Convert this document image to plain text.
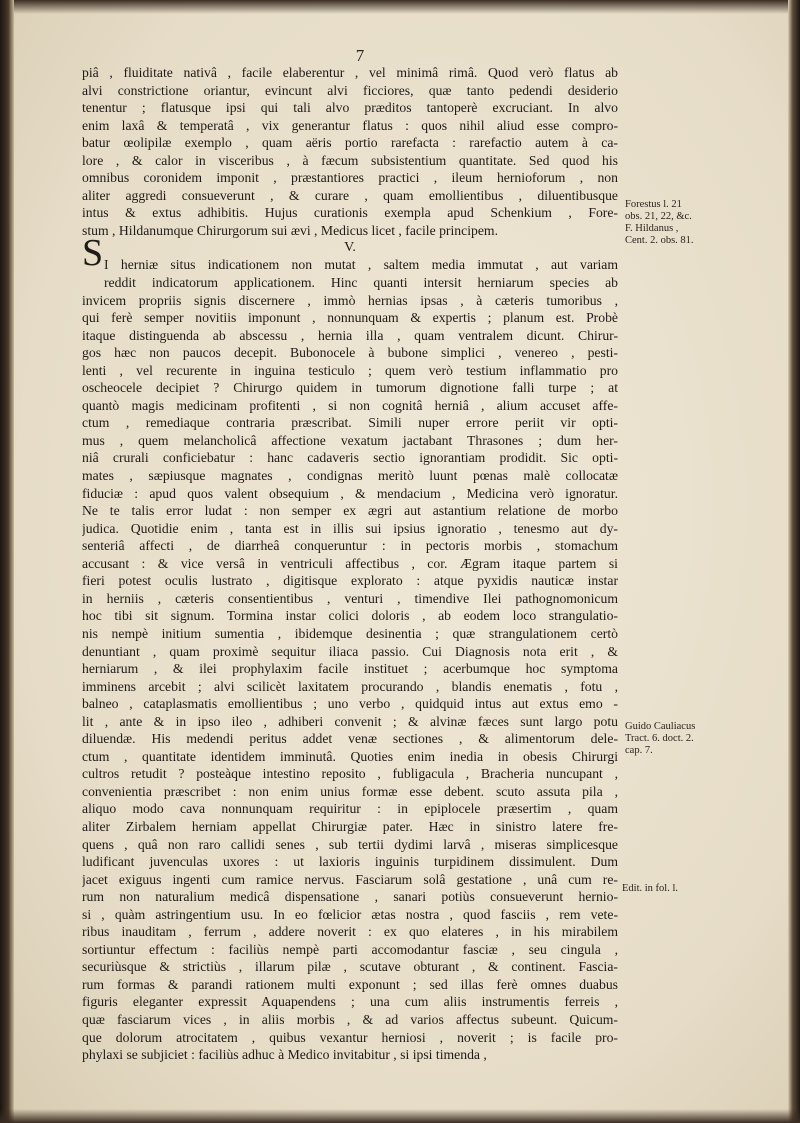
7
piâ , fluiditate nativâ , facile elaberentur , vel minimâ rimâ. Quod verò flatus ab
alvi constrictione oriantur, evincunt alvi ficciores, quæ tanto pedendi desiderio
tenentur ; flatusque ipsi qui tali alvo præditos tantoperè excruciant. In alvo
enim laxâ & temperatâ , vix generantur flatus : quos nihil aliud esse compro-
batur œolipilæ exemplo , quam aëris portio rarefacta : rarefactio autem à ca-
lore , & calor in visceribus , à fæcum subsistentium quantitate. Sed quod his
omnibus coronidem imponit , præstantiores practici , ileum hernioforum , non
aliter aggredi consueverunt , & curare , quam emollientibus , diluentibusque
intus & extus adhibitis. Hujus curationis exempla apud Schenkium , Fore-
stum , Hildanumque Chirurgorum sui ævi , Medicus licet , facile principem.
V.
I herniæ situs indicationem non mutat , saltem media immutat , aut variam
reddit indicatorum applicationem. Hinc quanti intersit herniarum species ab
invicem propriis signis discernere , immò hernias ipsas , à cæteris tumoribus ,
qui ferè semper novitiis imponunt , nonnunquam & expertis ; planum est. Probè
itaque distinguenda ab abscessu , hernia illa , quam ventralem dicunt. Chirur-
gos hæc non paucos decepit. Bubonocele à bubone simplici , venereo , pesti-
lenti , vel recurente in inguina testiculo ; quem verò testium inflammatio pro
oscheocele decipiet ? Chirurgo quidem in tumorum dignotione falli turpe ; at
quantò magis medicinam profitenti , si non cognitâ herniâ , alium accuset affe-
ctum , remediaque contraria præscribat. Simili nuper errore periit vir opti-
mus , quem melancholicâ affectione vexatum jactabant Thrasones ; dum her-
niâ crurali conficiebatur : hanc cadaveris sectio ignorantiam prodidit. Sic opti-
mates , sæpiusque magnates , condignas meritò luunt pœnas malè collocatæ
fiduciæ : apud quos valent obsequium , & mendacium , Medicina verò ignoratur.
Ne te talis error ludat : non semper ex ægri aut astantium relatione de morbo
judica. Quotidie enim , tanta est in illis sui ipsius ignoratio , tenesmo aut dy-
senteriâ affecti , de diarrheâ conqueruntur : in pectoris morbis , stomachum
accusant : & vice versâ in ventriculi affectibus , cor. Ægram itaque partem si
fieri potest oculis lustrato , digitisque explorato : atque pyxidis nauticæ instar
in herniis , cæteris consentientibus , venturi , timendive Ilei pathognomonicum
hoc tibi sit signum. Tormina instar colici doloris , ab eodem loco strangulatio-
nis nempè initium sumentia , ibidemque desinentia ; quæ strangulationem certò
denuntiant , quam proximè sequitur iliaca passio. Cui Diagnosis nota erit , &
herniarum , & ilei prophylaxim facile instituet ; acerbumque hoc symptoma
imminens arcebit ; alvi scilicèt laxitatem procurando , blandis enematis , fotu ,
balneo , cataplasmatis emollientibus ; uno verbo , quidquid intus aut extus emo -
lit , ante & in ipso ileo , adhiberi convenit ; & alvinæ fæces sunt largo potu
diluendæ. His medendi peritus addet venæ sectiones , & alimentorum dele-
ctum , quantitate identidem imminutâ. Quoties enim inedia in obesis Chirurgi
cultros retudit ? posteàque intestino reposito , fubligacula , Bracheria nuncupant ,
convenientia præscribet : non enim unius formæ esse debent. scuto assuta pila ,
aliquo modo cava nonnunquam requiritur : in epiplocele præsertim , quam
aliter Zirbalem herniam appellat Chirurgiæ pater. Hæc in sinistro latere fre-
quens , quâ non raro callidi senes , sub tertii dydimi larvâ , miseras simplicesque
ludificant juvenculas uxores : ut laxioris inguinis turpidinem dissimulent. Dum
jacet exiguus ingenti cum ramice nervus. Fasciarum solâ gestatione , unâ cum re-
rum non naturalium medicâ dispensatione , sanari potiùs consueverunt hernio-
si , quàm astringentium usu. In eo fœlicior ætas nostra , quod fasciis , rem vete-
ribus inauditam , ferrum , addere noverit : ex quo elateres , in his mirabilem
sortiuntur effectum : faciliùs nempè parti accomodantur fasciæ , seu cingula ,
securiùsque & strictiùs , illarum pilæ , scutave obturant , & continent. Fascia-
rum formas & parandi rationem multi exponunt ; sed illas ferè omnes duabus
figuris eleganter expressit Aquapendens ; una cum aliis instrumentis ferreis ,
quæ fasciarum vices , in aliis morbis , & ad varios affectus subeunt. Quicum-
que dolorum atrocitatem , quibus vexantur herniosi , noverit ; is facile pro-
phylaxi se subjiciet : faciliùs adhuc à Medico invitabitur , si ipsi timenda ,
S
Forestus l. 21
obs. 21, 22, &c.
F. Hildanus ,
Cent. 2. obs. 81.
Guido Cauliacus
Tract. 6. doct. 2.
cap. 7.
Edit. in fol. l.
